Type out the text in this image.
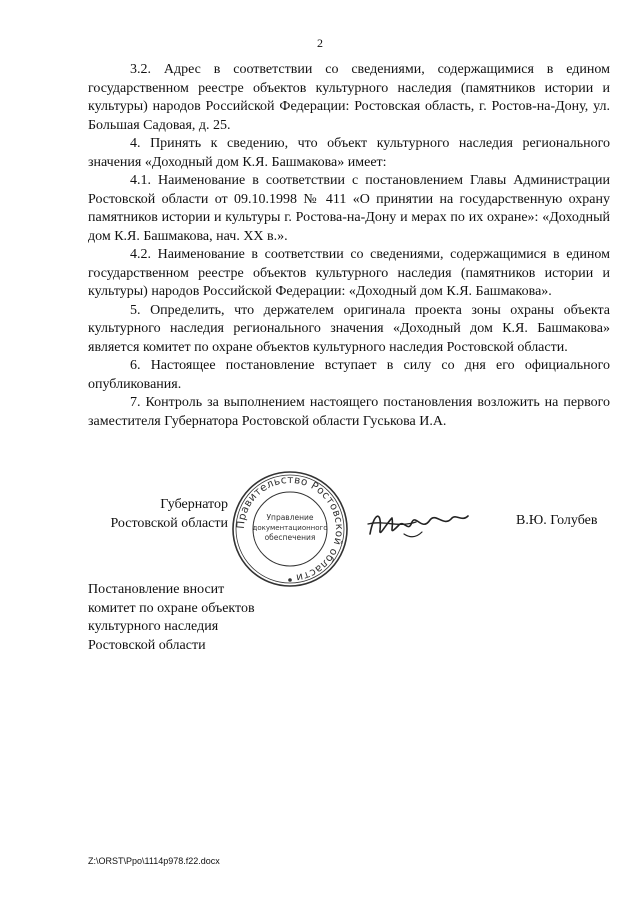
2

3.2. Адрес в соответствии со сведениями, содержащимися в едином государственном реестре объектов культурного наследия (памятников истории и культуры) народов Российской Федерации: Ростовская область, г. Ростов-на-Дону, ул. Большая Садовая, д. 25.

4. Принять к сведению, что объект культурного наследия регионального значения «Доходный дом К.Я. Башмакова» имеет:

4.1. Наименование в соответствии с постановлением Главы Администрации Ростовской области от 09.10.1998 № 411 «О принятии на государственную охрану памятников истории и культуры г. Ростова-на-Дону и мерах по их охране»: «Доходный дом К.Я. Башмакова, нач. XX в.».

4.2. Наименование в соответствии со сведениями, содержащимися в едином государственном реестре объектов культурного наследия (памятников истории и культуры) народов Российской Федерации: «Доходный дом К.Я. Башмакова».

5. Определить, что держателем оригинала проекта зоны охраны объекта культурного наследия регионального значения «Доходный дом К.Я. Башмакова» является комитет по охране объектов культурного наследия Ростовской области.

6. Настоящее постановление вступает в силу со дня его официального опубликования.

7. Контроль за выполнением настоящего постановления возложить на первого заместителя Губернатора Ростовской области Гуськова И.А.

Губернатор
Ростовской области Правительство Ростовской области
Управление
документационного
обеспечения
В.Ю. Голубев
Постановление вносит
комитет по охране объектов
культурного наследия
Ростовской области
Z:\ORST\Ppo\1114p978.f22.docx
